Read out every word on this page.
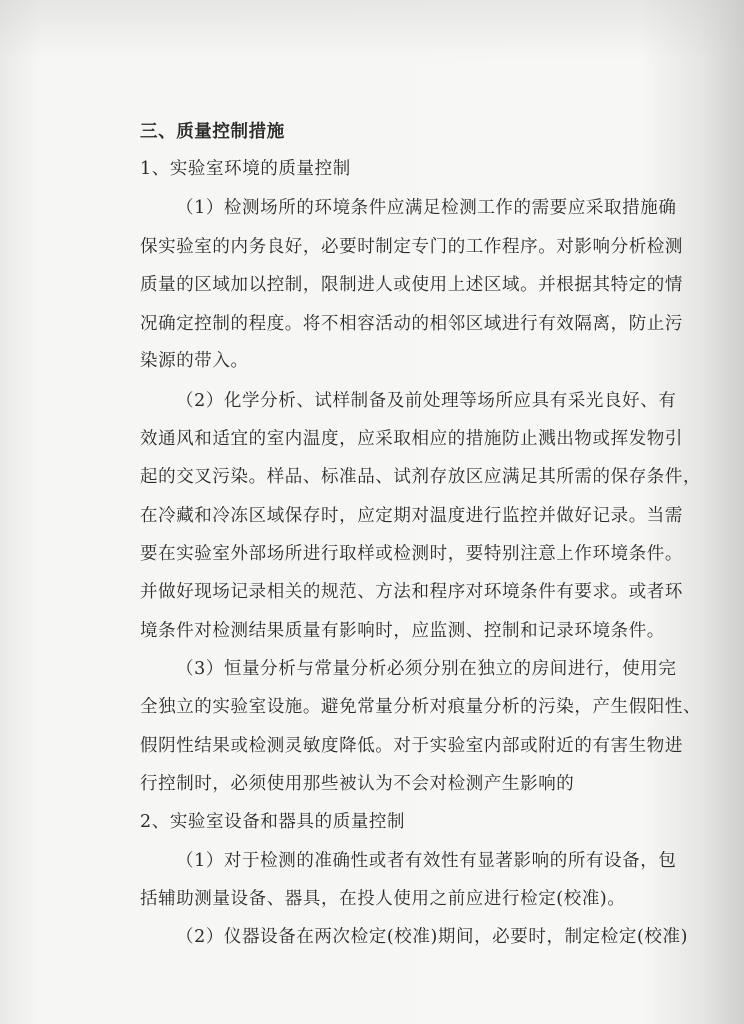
三、质量控制措施
1、实验室环境的质量控制
（1）检测场所的环境条件应满足检测工作的需要应采取措施确
保实验室的内务良好，必要时制定专门的工作程序。对影响分析检测
质量的区域加以控制，限制进人或使用上述区域。并根据其特定的情
况确定控制的程度。将不相容活动的相邻区域进行有效隔离，防止污
染源的带入。
（2）化学分析、试样制备及前处理等场所应具有采光良好、有
效通风和适宜的室内温度，应采取相应的措施防止溅出物或挥发物引
起的交叉污染。样品、标准品、试剂存放区应满足其所需的保存条件，
在冷藏和冷冻区域保存时，应定期对温度进行监控并做好记录。当需
要在实验室外部场所进行取样或检测时，要特别注意上作环境条件。
并做好现场记录相关的规范、方法和程序对环境条件有要求。或者环
境条件对检测结果质量有影响时，应监测、控制和记录环境条件。
（3）恒量分析与常量分析必须分别在独立的房间进行，使用完
全独立的实验室设施。避免常量分析对痕量分析的污染，产生假阳性、
假阴性结果或检测灵敏度降低。对于实验室内部或附近的有害生物进
行控制时，必须使用那些被认为不会对检测产生影响的
2、实验室设备和器具的质量控制
（1）对于检测的准确性或者有效性有显著影响的所有设备，包
括辅助测量设备、器具，在投人使用之前应进行检定(校准)。
（2）仪器设备在两次检定(校准)期间，必要时，制定检定(校准)
